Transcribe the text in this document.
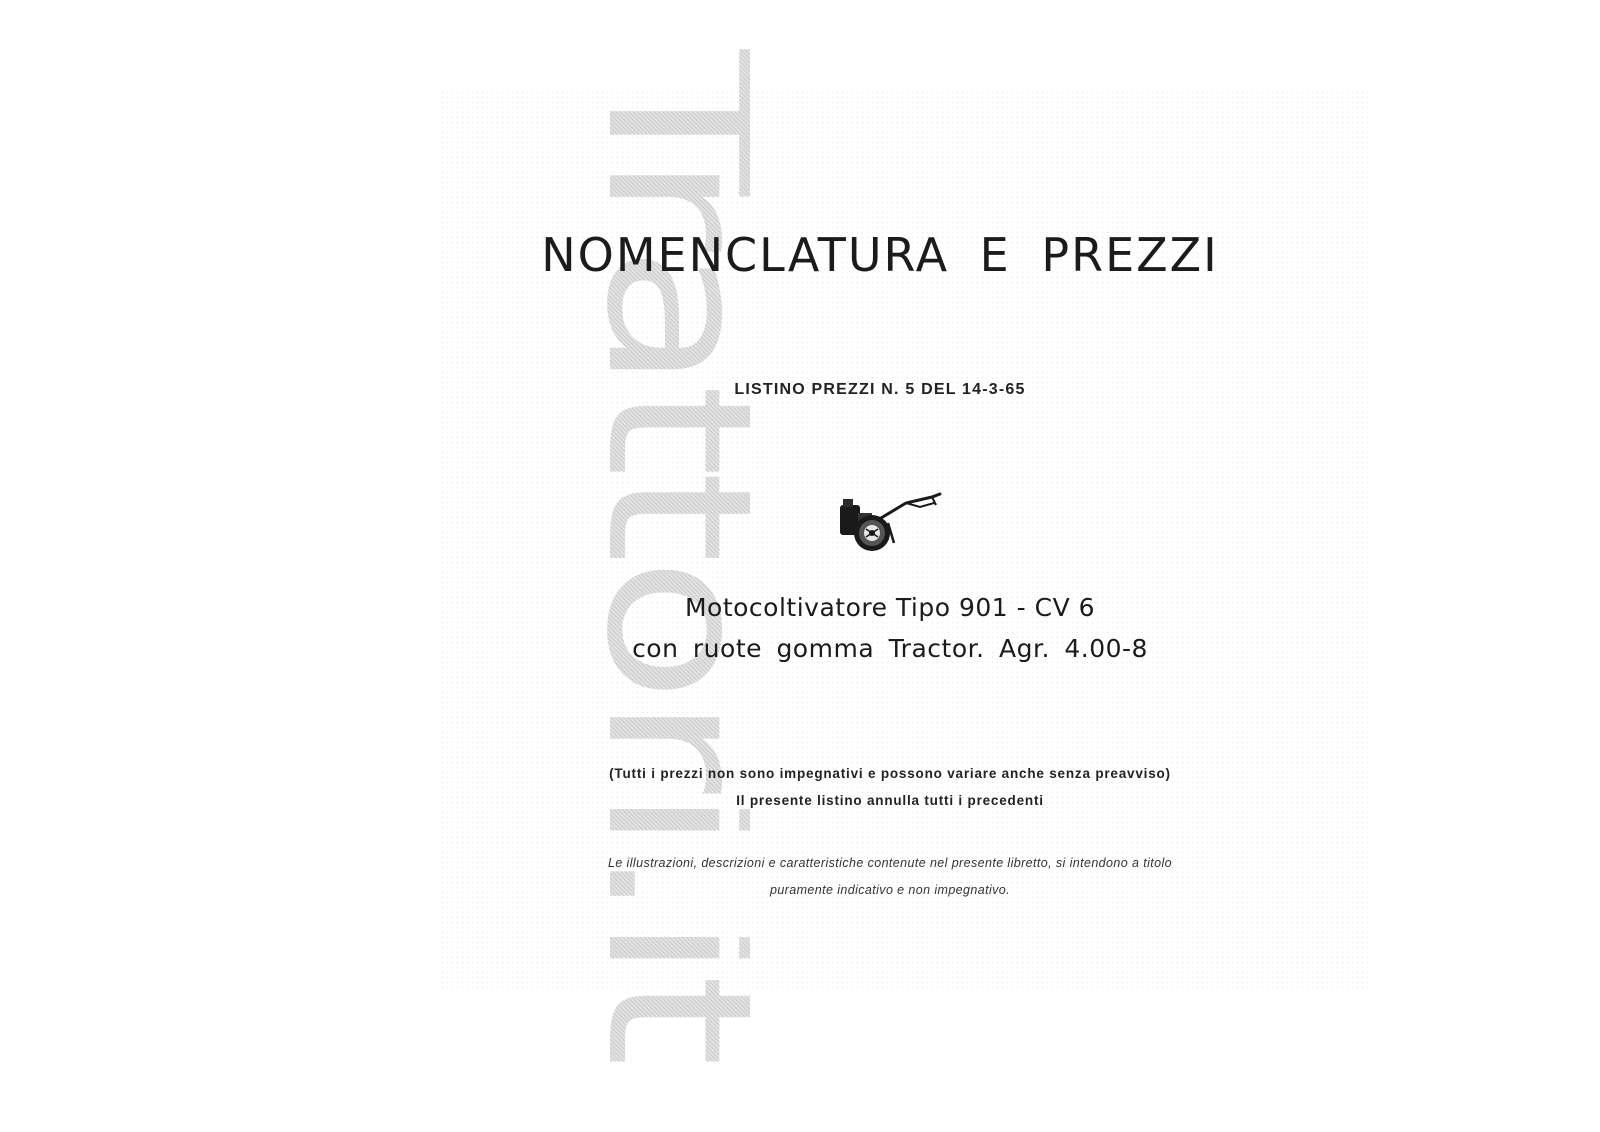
Trattori.it
NOMENCLATURA E PREZZI
LISTINO PREZZI N. 5 DEL 14-3-65
Motocoltivatore Tipo 901 - CV 6
con ruote gomma Tractor. Agr. 4.00-8
(Tutti i prezzi non sono impegnativi e possono variare anche senza preavviso)
Il presente listino annulla tutti i precedenti
Le illustrazioni, descrizioni e caratteristiche contenute nel presente libretto, si intendono a titolo
puramente indicativo e non impegnativo.
